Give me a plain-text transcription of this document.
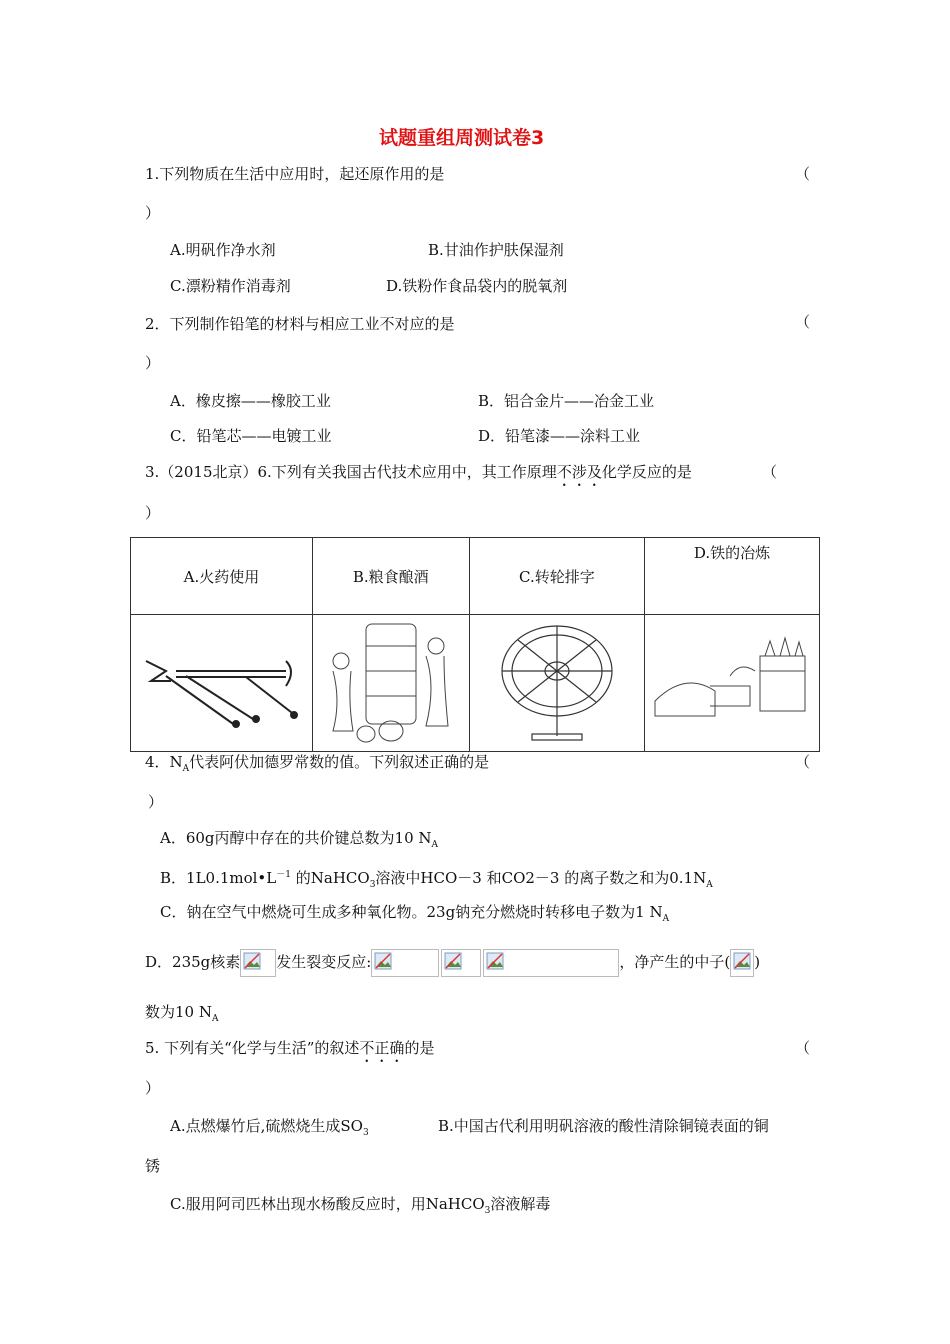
试题重组周测试卷3
1.下列物质在生活中应用时，起还原作用的是	（
）
A.明矾作净水剂	B.甘油作护肤保湿剂
C.漂粉精作消毒剂	D.铁粉作食品袋内的脱氧剂
2．下列制作铅笔的材料与相应工业不对应的是	（
）
A．橡皮擦——橡胶工业	B．铝合金片——冶金工业
C．铅笔芯——电镀工业	D．铅笔漆——涂料工业
3.（2015北京）6.下列有关我国古代技术应用中，其工作原理不涉及化学反应的是	（
）
A.火药使用	B.粮食酿酒	C.转轮排字	D.铁的冶炼

4．$N_A$代表阿伏加德罗常数的值。下列叙述正确的是	（
）
A．60g丙醇中存在的共价键总数为10 $N_A$
B．$1L0.1mol•L^{-1}$ 的NaHCO$_3$溶液中HCO－3 和CO2－3 的离子数之和为$0.1N_A$
C．钠在空气中燃烧可生成多种氧化物。23g钠充分燃烧时转移电子数为1 $N_A$
D．235g核素 发生裂变反应:	，净产生的中子( )
数为10 $N_A$
5. 下列有关“化学与生活”的叙述不正确的是	（
）
A.点燃爆竹后,硫燃烧生成$SO_3$	B.中国古代利用明矾溶液的酸性清除铜镜表面的铜
锈
C.服用阿司匹林出现水杨酸反应时，用NaHCO$_3$溶液解毒
